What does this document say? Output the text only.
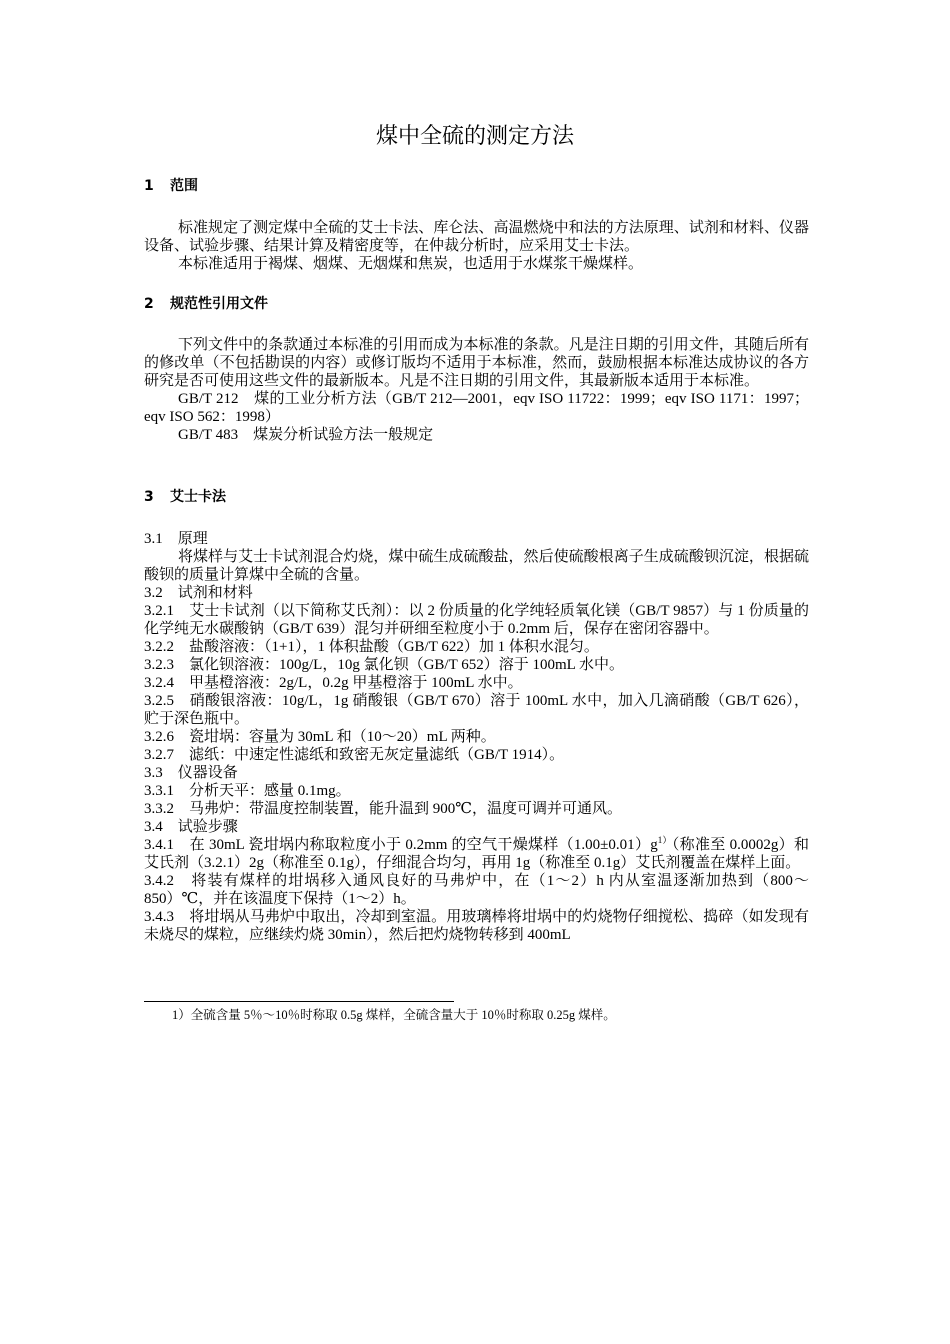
煤中全硫的测定方法
1 范围

标准规定了测定煤中全硫的艾士卡法、库仑法、高温燃烧中和法的方法原理、试剂和材料、仪器设备、试验步骤、结果计算及精密度等，在仲裁分析时，应采用艾士卡法。

本标准适用于褐煤、烟煤、无烟煤和焦炭，也适用于水煤浆干燥煤样。

2 规范性引用文件

下列文件中的条款通过本标准的引用而成为本标准的条款。凡是注日期的引用文件，其随后所有的修改单（不包括勘误的内容）或修订版均不适用于本标准，然而，鼓励根据本标准达成协议的各方研究是否可使用这些文件的最新版本。凡是不注日期的引用文件，其最新版本适用于本标准。

GB/T 212　煤的工业分析方法（GB/T 212—2001，eqv ISO 11722：1999；eqv ISO 1171：1997；eqv ISO 562：1998）

GB/T 483　煤炭分析试验方法一般规定

3 艾士卡法

3.1　原理

将煤样与艾士卡试剂混合灼烧，煤中硫生成硫酸盐，然后使硫酸根离子生成硫酸钡沉淀，根据硫酸钡的质量计算煤中全硫的含量。

3.2　试剂和材料

3.2.1　艾士卡试剂（以下简称艾氏剂）：以 2 份质量的化学纯轻质氧化镁（GB/T 9857）与 1 份质量的化学纯无水碳酸钠（GB/T 639）混匀并研细至粒度小于 0.2mm 后，保存在密闭容器中。

3.2.2　盐酸溶液：（1+1），1 体积盐酸（GB/T 622）加 1 体积水混匀。

3.2.3　氯化钡溶液：100g/L，10g 氯化钡（GB/T 652）溶于 100mL 水中。

3.2.4　甲基橙溶液：2g/L，0.2g 甲基橙溶于 100mL 水中。

3.2.5　硝酸银溶液：10g/L，1g 硝酸银（GB/T 670）溶于 100mL 水中，加入几滴硝酸（GB/T 626），贮于深色瓶中。

3.2.6　瓷坩埚：容量为 30mL 和（10～20）mL 两种。

3.2.7　滤纸：中速定性滤纸和致密无灰定量滤纸（GB/T 1914）。

3.3　仪器设备

3.3.1　分析天平：感量 0.1mg。

3.3.2　马弗炉：带温度控制装置，能升温到 900℃，温度可调并可通风。

3.4　试验步骤

3.4.1　在 30mL 瓷坩埚内称取粒度小于 0.2mm 的空气干燥煤样$(1.00\pm 0.01)g^{1)}$（称准至 0.0002g）和艾氏剂（3.2.1）2g（称准至 0.1g），仔细混合均匀，再用 1g（称准至 0.1g）艾氏剂覆盖在煤样上面。

3.4.2　将装有煤样的坩埚移入通风良好的马弗炉中，在（1～2）h 内从室温逐渐加热到（800～850）℃，并在该温度下保持（1～2）h。

3.4.3　将坩埚从马弗炉中取出，冷却到室温。用玻璃棒将坩埚中的灼烧物仔细搅松、捣碎（如发现有未烧尽的煤粒，应继续灼烧 30min），然后把灼烧物转移到 400mL

1）全硫含量 5％～10％时称取 0.5g 煤样，全硫含量大于 10％时称取 0.25g 煤样。
